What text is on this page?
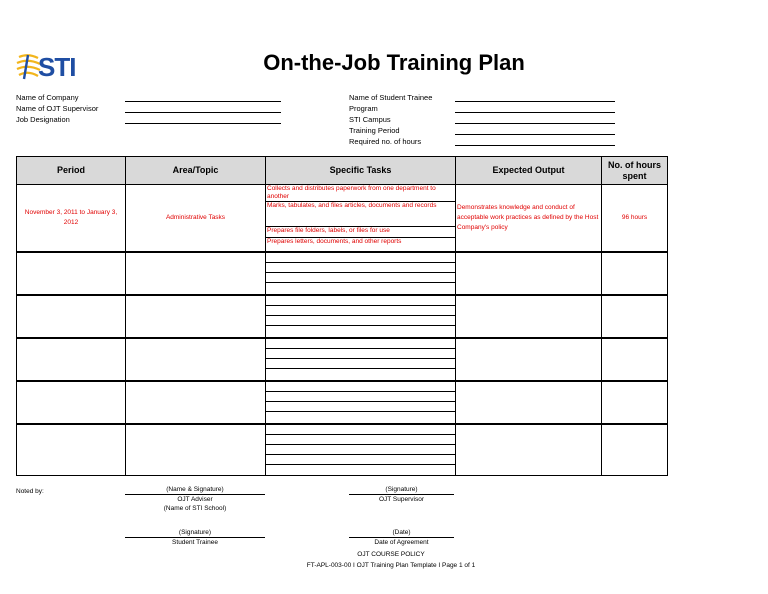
STI	On-the-Job Training Plan
Name of Company
Name of OJT Supervisor
Job Designation
Name of Student Trainee
Program
STI Campus
Training Period
Required no. of hours
Period	Area/Topic	Specific Tasks	Expected Output	No. of hours spent
November 3, 2011 to January 3, 2012	Administrative Tasks	Collects and distributes paperwork from one department to another
Marks, tabulates, and files articles, documents and records
Prepares file folders, labels, or files for use
Prepares letters, documents, and other reports	Demonstrates knowledge and conduct of acceptable work practices as defined by the Host Company's policy	96 hours

Noted by:	(Name & Signature)
OJT Adviser
(Name of STI School)
(Signature)
OJT Supervisor
(Signature)
Student Trainee
(Date)
Date of Agreement
OJT COURSE POLICY
FT-APL-003-00 I OJT Training Plan Template I Page 1 of 1
